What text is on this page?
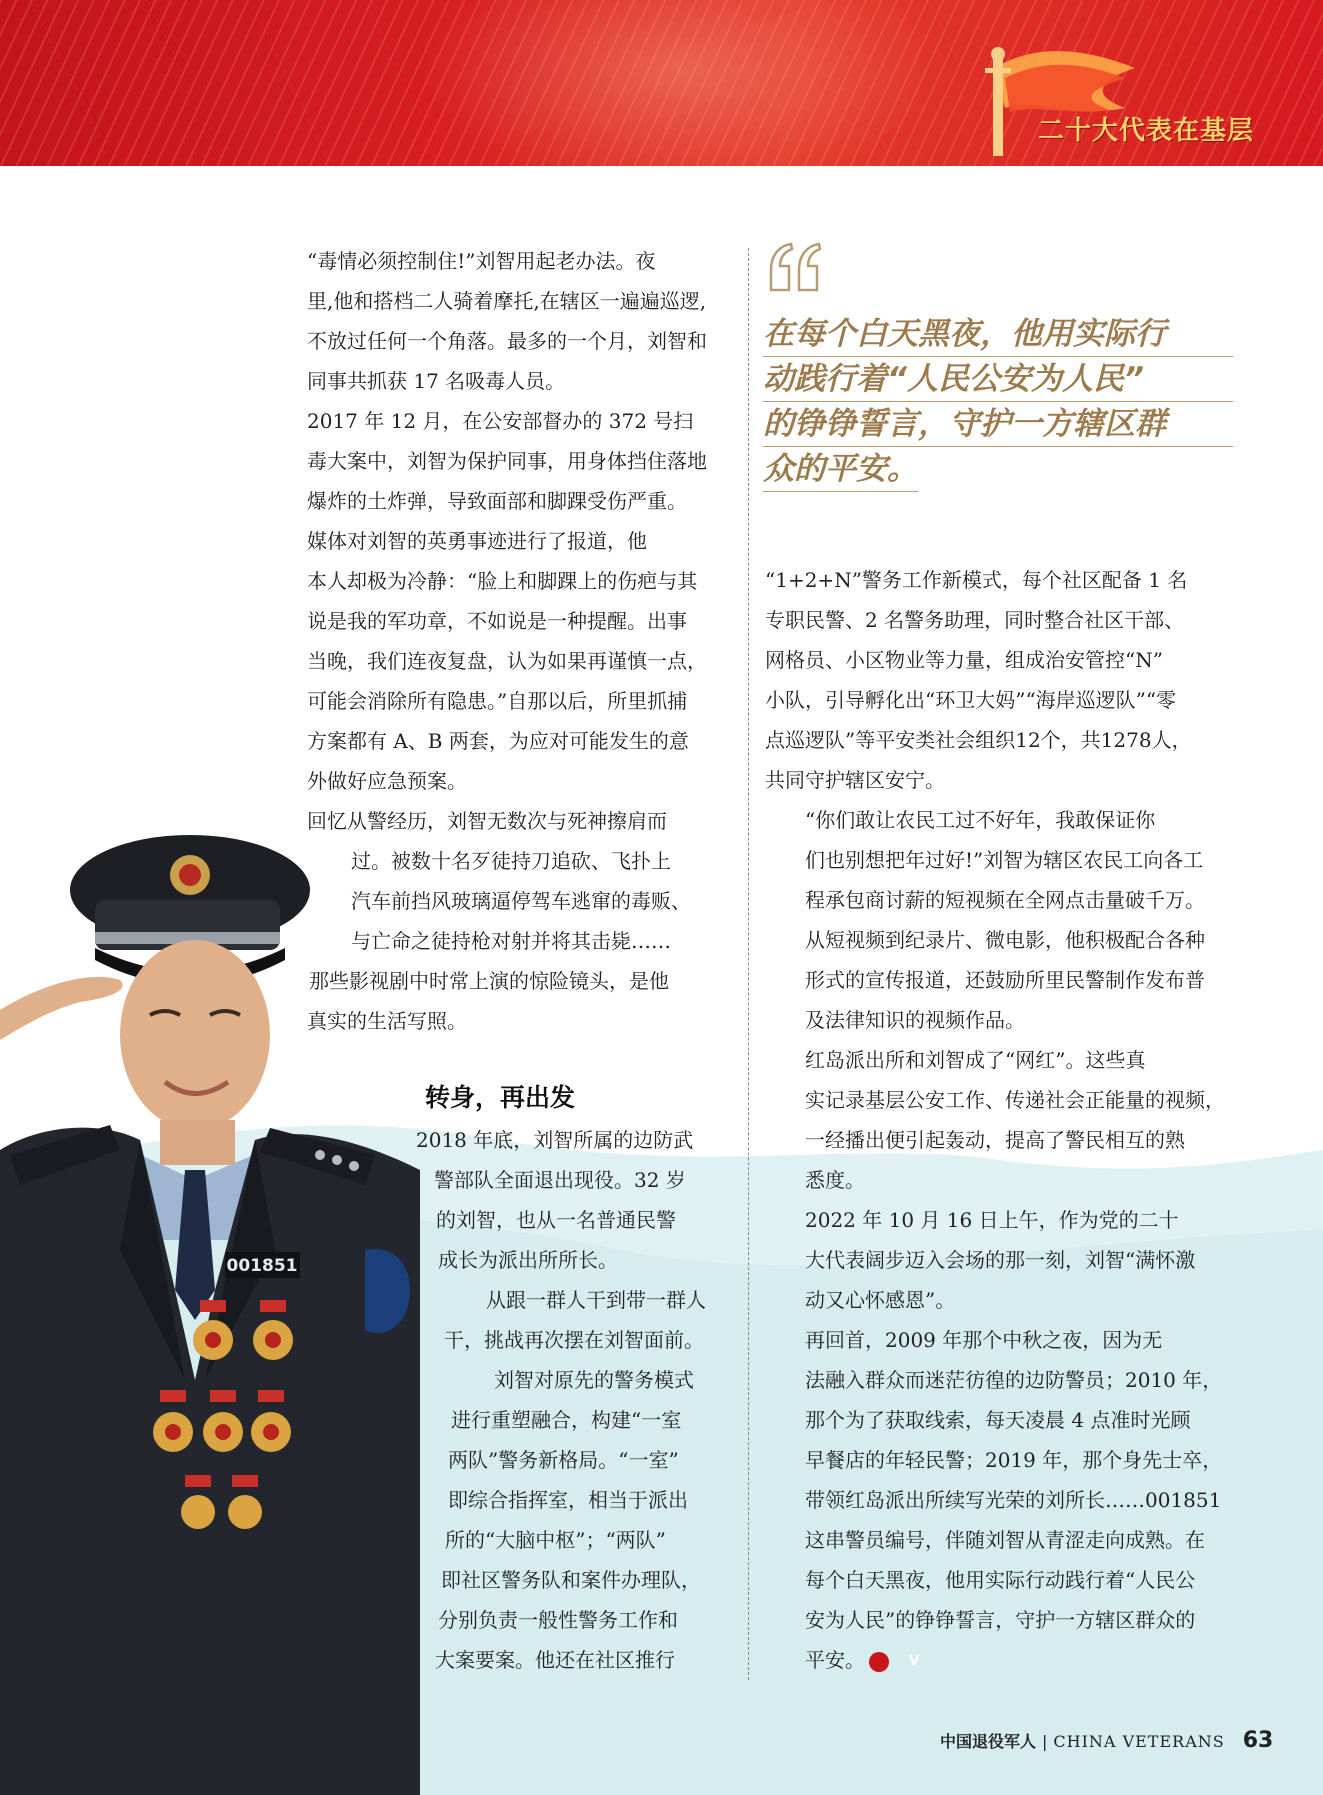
二十大代表在基层
001851

“毒情必须控制住!”刘智用起老办法。夜
里,他和搭档二人骑着摩托,在辖区一遍遍巡逻,
不放过任何一个角落。最多的一个月，刘智和
同事共抓获 17 名吸毒人员。

2017 年 12 月，在公安部督办的 372 号扫
毒大案中，刘智为保护同事，用身体挡住落地
爆炸的土炸弹，导致面部和脚踝受伤严重。

媒体对刘智的英勇事迹进行了报道，他
本人却极为冷静：“脸上和脚踝上的伤疤与其
说是我的军功章，不如说是一种提醒。出事
当晚，我们连夜复盘，认为如果再谨慎一点，
可能会消除所有隐患。”自那以后，所里抓捕
方案都有 A、B 两套，为应对可能发生的意
外做好应急预案。

回忆从警经历，刘智无数次与死神擦肩而
过。被数十名歹徒持刀追砍、飞扑上
汽车前挡风玻璃逼停驾车逃窜的毒贩、
与亡命之徒持枪对射并将其击毙……
那些影视剧中时常上演的惊险镜头，是他
真实的生活写照。
转身，再出发
2018 年底，刘智所属的边防武
警部队全面退出现役。32 岁
的刘智，也从一名普通民警
成长为派出所所长。
从跟一群人干到带一群人
干，挑战再次摆在刘智面前。
刘智对原先的警务模式
进行重塑融合，构建“一室
两队”警务新格局。“一室”
即综合指挥室，相当于派出
所的“大脑中枢”；“两队”
即社区警务队和案件办理队，
分别负责一般性警务工作和
大案要案。他还在社区推行
在每个白天黑夜，他用实际行
动践行着“人民公安为人民”
的铮铮誓言，守护一方辖区群
众的平安。

“1+2+N”警务工作新模式，每个社区配备 1 名
专职民警、2 名警务助理，同时整合社区干部、
网格员、小区物业等力量，组成治安管控“N”
小队，引导孵化出“环卫大妈”“海岸巡逻队”“零
点巡逻队”等平安类社会组织12个，共1278人，
共同守护辖区安宁。

“你们敢让农民工过不好年，我敢保证你
们也别想把年过好!”刘智为辖区农民工向各工
程承包商讨薪的短视频在全网点击量破千万。
从短视频到纪录片、微电影，他积极配合各种
形式的宣传报道，还鼓励所里民警制作发布普
及法律知识的视频作品。

红岛派出所和刘智成了“网红”。这些真
实记录基层公安工作、传递社会正能量的视频，
一经播出便引起轰动，提高了警民相互的熟
悉度。

2022 年 10 月 16 日上午，作为党的二十
大代表阔步迈入会场的那一刻，刘智“满怀激
动又心怀感恩”。

再回首，2009 年那个中秋之夜，因为无
法融入群众而迷茫彷徨的边防警员；2010 年，
那个为了获取线索，每天凌晨 4 点准时光顾
早餐店的年轻民警；2019 年，那个身先士卒，
带领红岛派出所续写光荣的刘所长……001851
这串警员编号，伴随刘智从青涩走向成熟。在
每个白天黑夜，他用实际行动践行着“人民公
安为人民”的铮铮誓言，守护一方辖区群众的
平安。	V

中国退役军人 | CHINA VETERANS 63
